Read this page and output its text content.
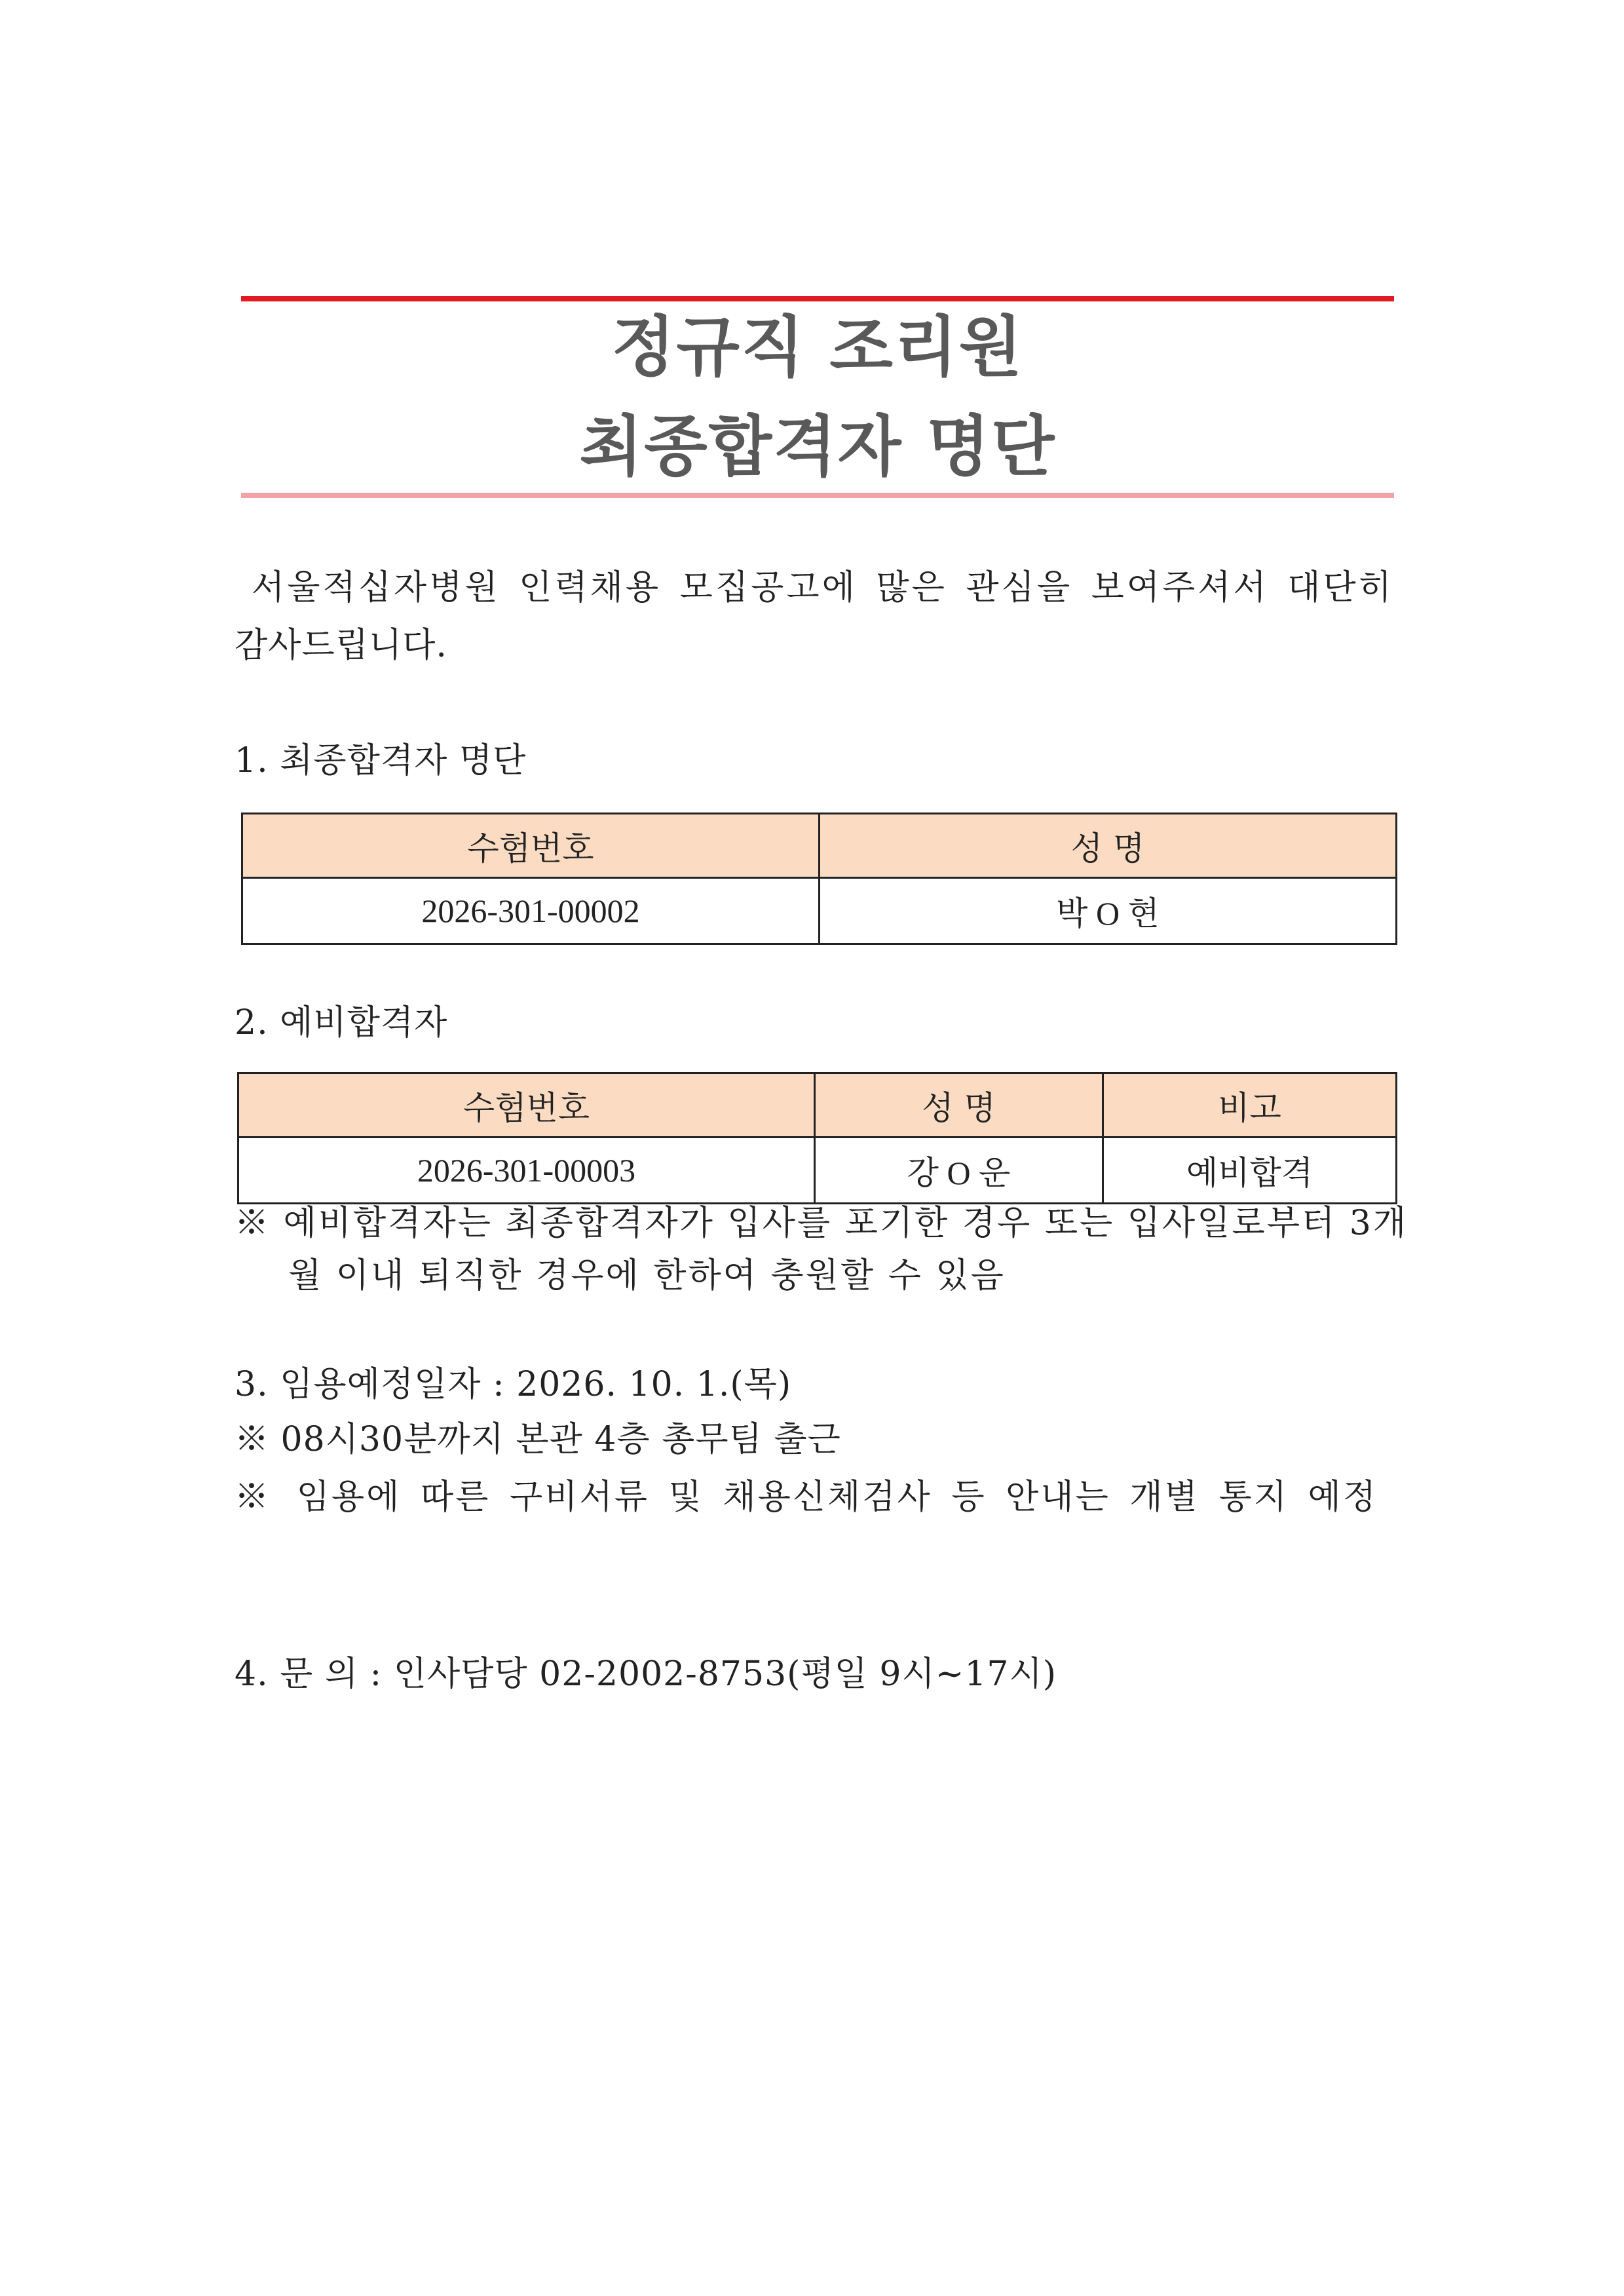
정규직 조리원
최종합격자 명단
서울적십자병원 인력채용 모집공고에 많은 관심을 보여주셔서 대단히
감사드립니다.
1. 최종합격자 명단
수험번호	성 명
2026-301-00002	박 O 현
2. 예비합격자
수험번호	성 명	비고
2026-301-00003	강 O 운	예비합격
※ 예비합격자는 최종합격자가 입사를 포기한 경우 또는 입사일로부터 3개
월 이내 퇴직한 경우에 한하여 충원할 수 있음
3. 임용예정일자 : 2026. 10. 1.(목)
※ 08시30분까지 본관 4층 총무팀 출근
※ 임용에 따른 구비서류 및 채용신체검사 등 안내는 개별 통지 예정
4. 문 의 : 인사담당 02-2002-8753(평일 9시~17시)
